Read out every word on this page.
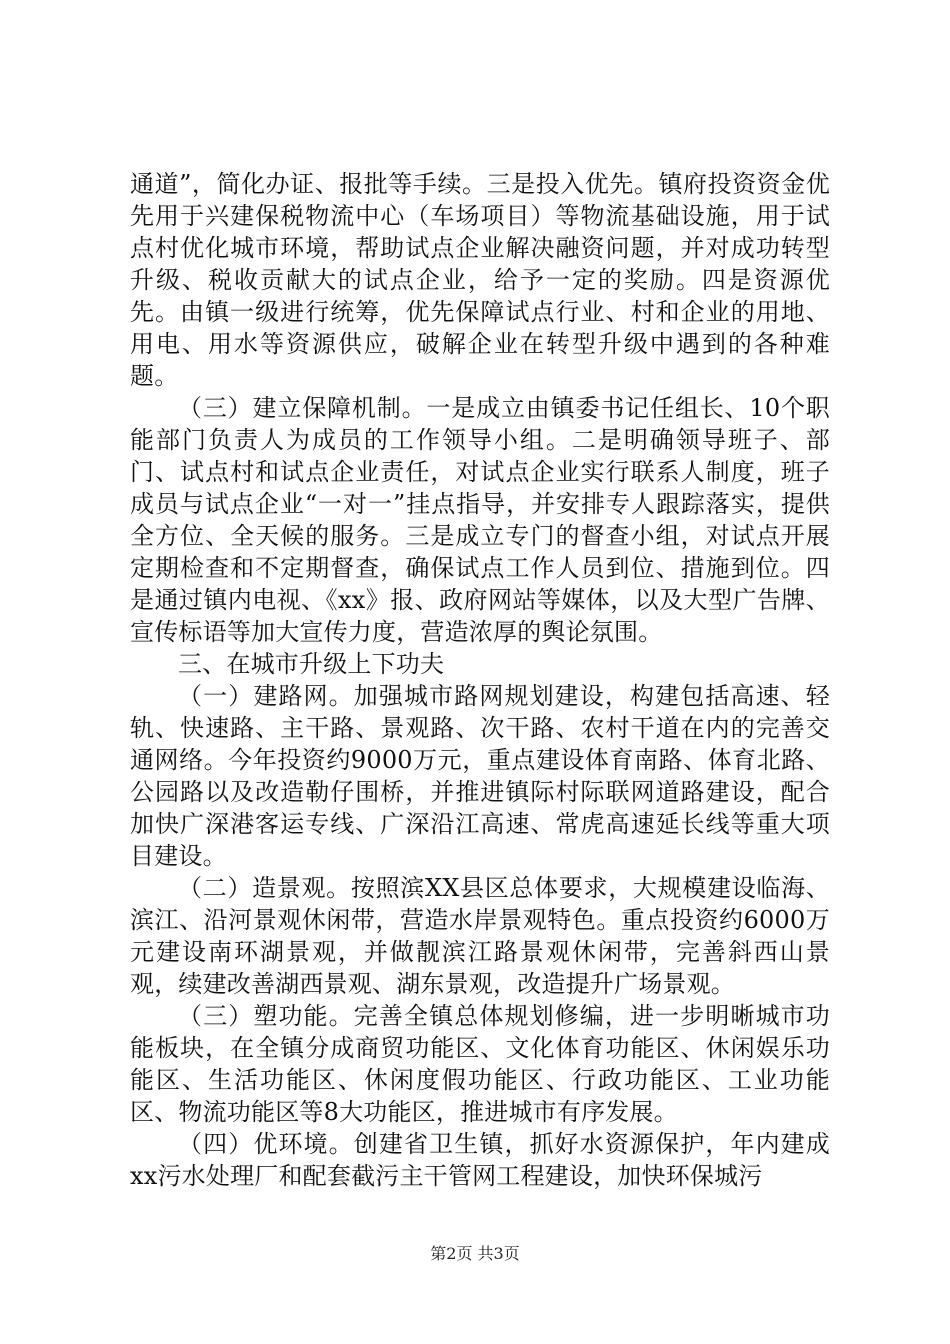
通道”，简化办证、报批等手续。三是投入优先。镇府投资资金优先用于兴建保税物流中心（车场项目）等物流基础设施，用于试点村优化城市环境，帮助试点企业解决融资问题，并对成功转型升级、税收贡献大的试点企业，给予一定的奖励。四是资源优先。由镇一级进行统筹，优先保障试点行业、村和企业的用地、用电、用水等资源供应，破解企业在转型升级中遇到的各种难题。

（三）建立保障机制。一是成立由镇委书记任组长、10个职能部门负责人为成员的工作领导小组。二是明确领导班子、部门、试点村和试点企业责任，对试点企业实行联系人制度，班子成员与试点企业“一对一”挂点指导，并安排专人跟踪落实，提供全方位、全天候的服务。三是成立专门的督查小组，对试点开展定期检查和不定期督查，确保试点工作人员到位、措施到位。四是通过镇内电视、《xx》报、政府网站等媒体，以及大型广告牌、宣传标语等加大宣传力度，营造浓厚的舆论氛围。

三、在城市升级上下功夫

（一）建路网。加强城市路网规划建设，构建包括高速、轻轨、快速路、主干路、景观路、次干路、农村干道在内的完善交通网络。今年投资约9000万元，重点建设体育南路、体育北路、公园路以及改造勒仔围桥，并推进镇际村际联网道路建设，配合加快广深港客运专线、广深沿江高速、常虎高速延长线等重大项目建设。

（二）造景观。按照滨XX县区总体要求，大规模建设临海、滨江、沿河景观休闲带，营造水岸景观特色。重点投资约6000万元建设南环湖景观，并做靓滨江路景观休闲带，完善斜西山景观，续建改善湖西景观、湖东景观，改造提升广场景观。

（三）塑功能。完善全镇总体规划修编，进一步明晰城市功能板块，在全镇分成商贸功能区、文化体育功能区、休闲娱乐功能区、生活功能区、休闲度假功能区、行政功能区、工业功能区、物流功能区等8大功能区，推进城市有序发展。

（四）优环境。创建省卫生镇，抓好水资源保护，年内建成xx污水处理厂和配套截污主干管网工程建设，加快环保城污

第2页 共3页
